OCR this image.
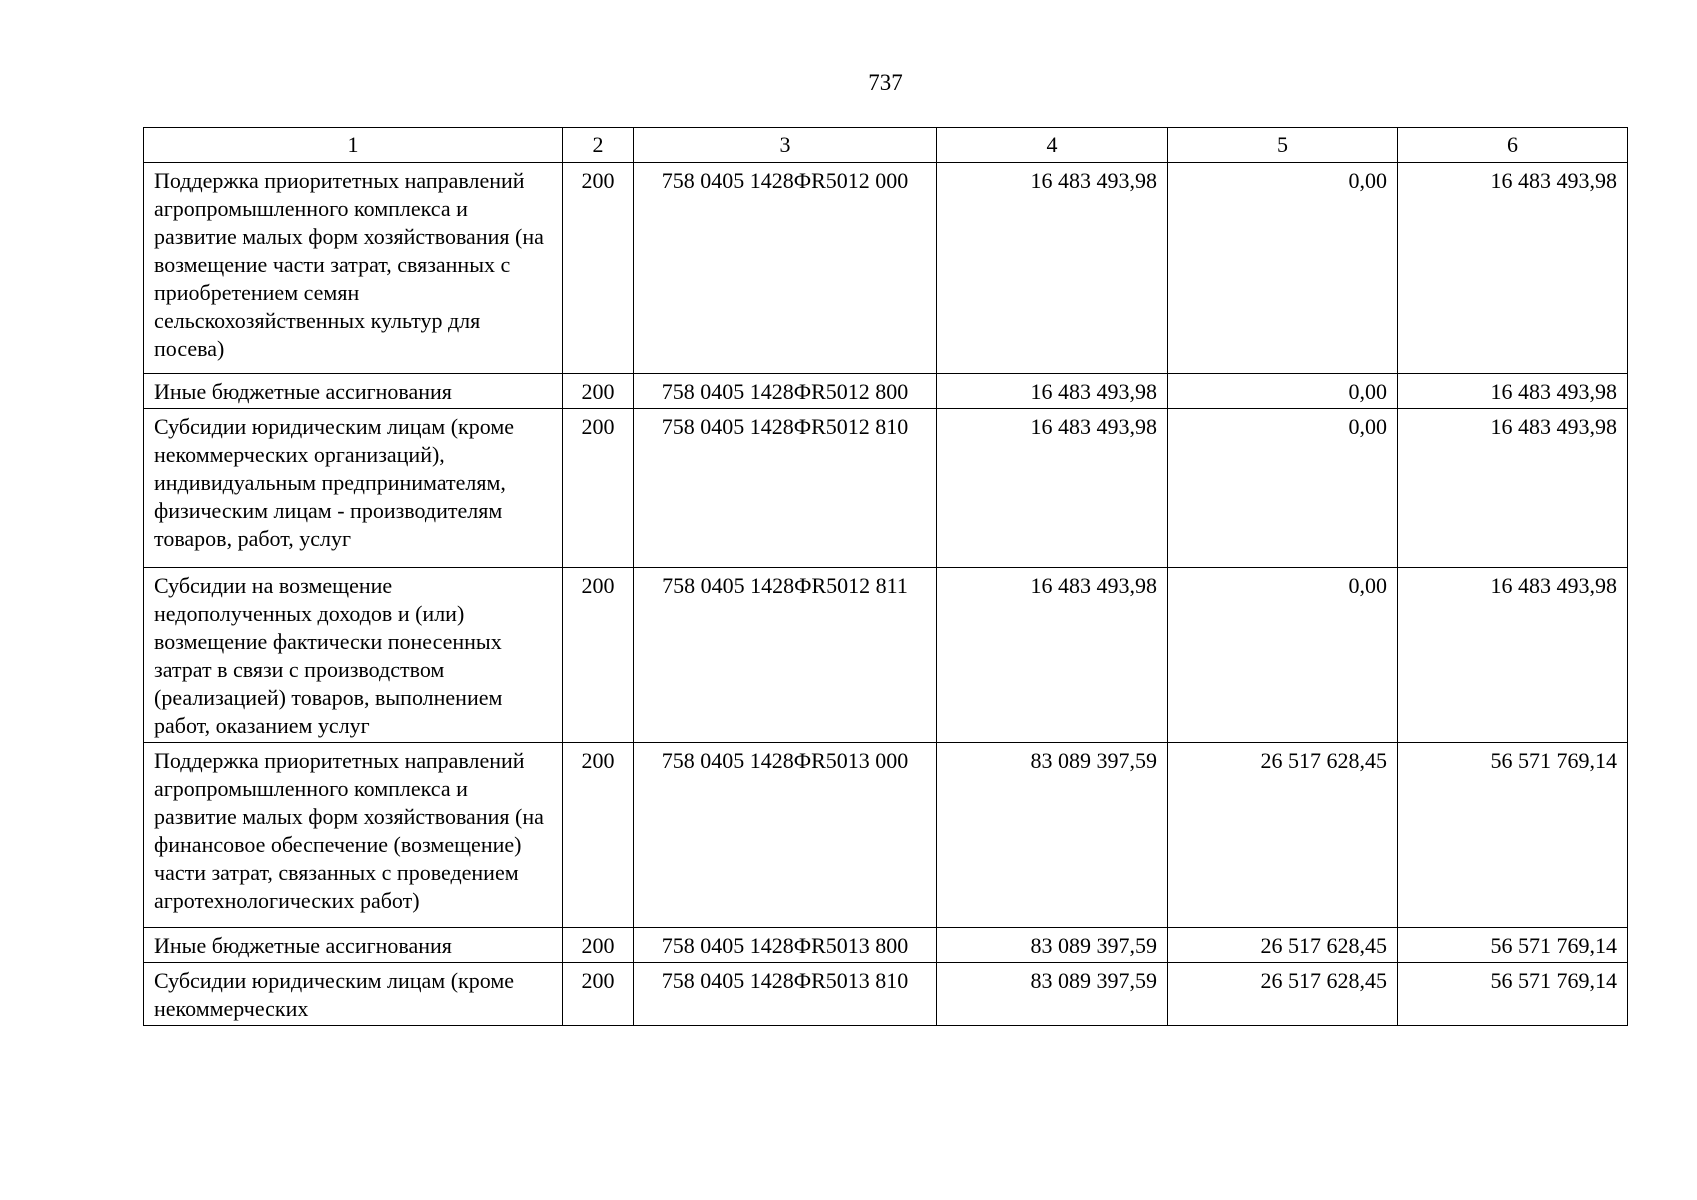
737
1	2	3	4	5	6
Поддержка приоритетных направлений агропромышленного комплекса и развитие малых форм хозяйствования (на возмещение части затрат, связанных с приобретением семян сельскохозяйственных культур для посева)	200	758 0405 1428ФR5012 000	16 483 493,98	0,00	16 483 493,98
Иные бюджетные ассигнования	200	758 0405 1428ФR5012 800	16 483 493,98	0,00	16 483 493,98
Субсидии юридическим лицам (кроме некоммерческих организаций), индивидуальным предпринимателям, физическим лицам - производителям товаров, работ, услуг	200	758 0405 1428ФR5012 810	16 483 493,98	0,00	16 483 493,98
Субсидии на возмещение недополученных доходов и (или) возмещение фактически понесенных затрат в связи с производством (реализацией) товаров, выполнением работ, оказанием услуг	200	758 0405 1428ФR5012 811	16 483 493,98	0,00	16 483 493,98
Поддержка приоритетных направлений агропромышленного комплекса и развитие малых форм хозяйствования (на финансовое обеспечение (возмещение) части затрат, связанных с проведением агротехнологических работ)	200	758 0405 1428ФR5013 000	83 089 397,59	26 517 628,45	56 571 769,14
Иные бюджетные ассигнования	200	758 0405 1428ФR5013 800	83 089 397,59	26 517 628,45	56 571 769,14
Субсидии юридическим лицам (кроме некоммерческих	200	758 0405 1428ФR5013 810	83 089 397,59	26 517 628,45	56 571 769,14
